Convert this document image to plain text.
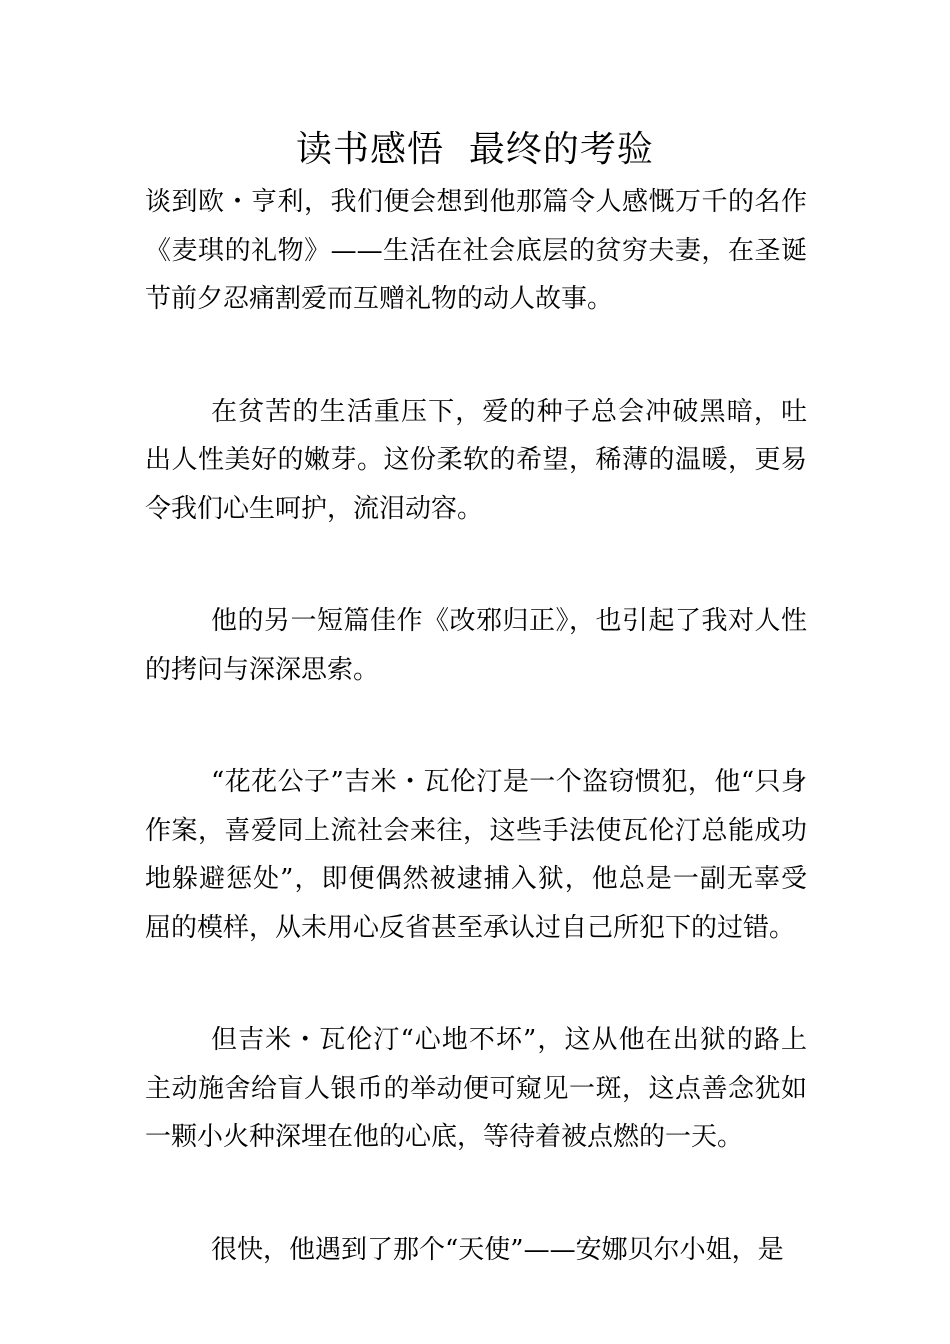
读书感悟  最终的考验

谈到欧・亨利，我们便会想到他那篇令人感慨万千的名作《麦琪的礼物》——生活在社会底层的贫穷夫妻，在圣诞节前夕忍痛割爱而互赠礼物的动人故事。

在贫苦的生活重压下，爱的种子总会冲破黑暗，吐出人性美好的嫩芽。这份柔软的希望，稀薄的温暖，更易令我们心生呵护，流泪动容。

他的另一短篇佳作《改邪归正》，也引起了我对人性的拷问与深深思索。

“花花公子”吉米・瓦伦汀是一个盗窃惯犯，他“只身作案，喜爱同上流社会来往，这些手法使瓦伦汀总能成功地躲避惩处”，即便偶然被逮捕入狱，他总是一副无辜受屈的模样，从未用心反省甚至承认过自己所犯下的过错。

但吉米・瓦伦汀“心地不坏”，这从他在出狱的路上主动施舍给盲人银币的举动便可窥见一斑，这点善念犹如一颗小火种深埋在他的心底，等待着被点燃的一天。

很快，他遇到了那个“天使”——安娜贝尔小姐，是
